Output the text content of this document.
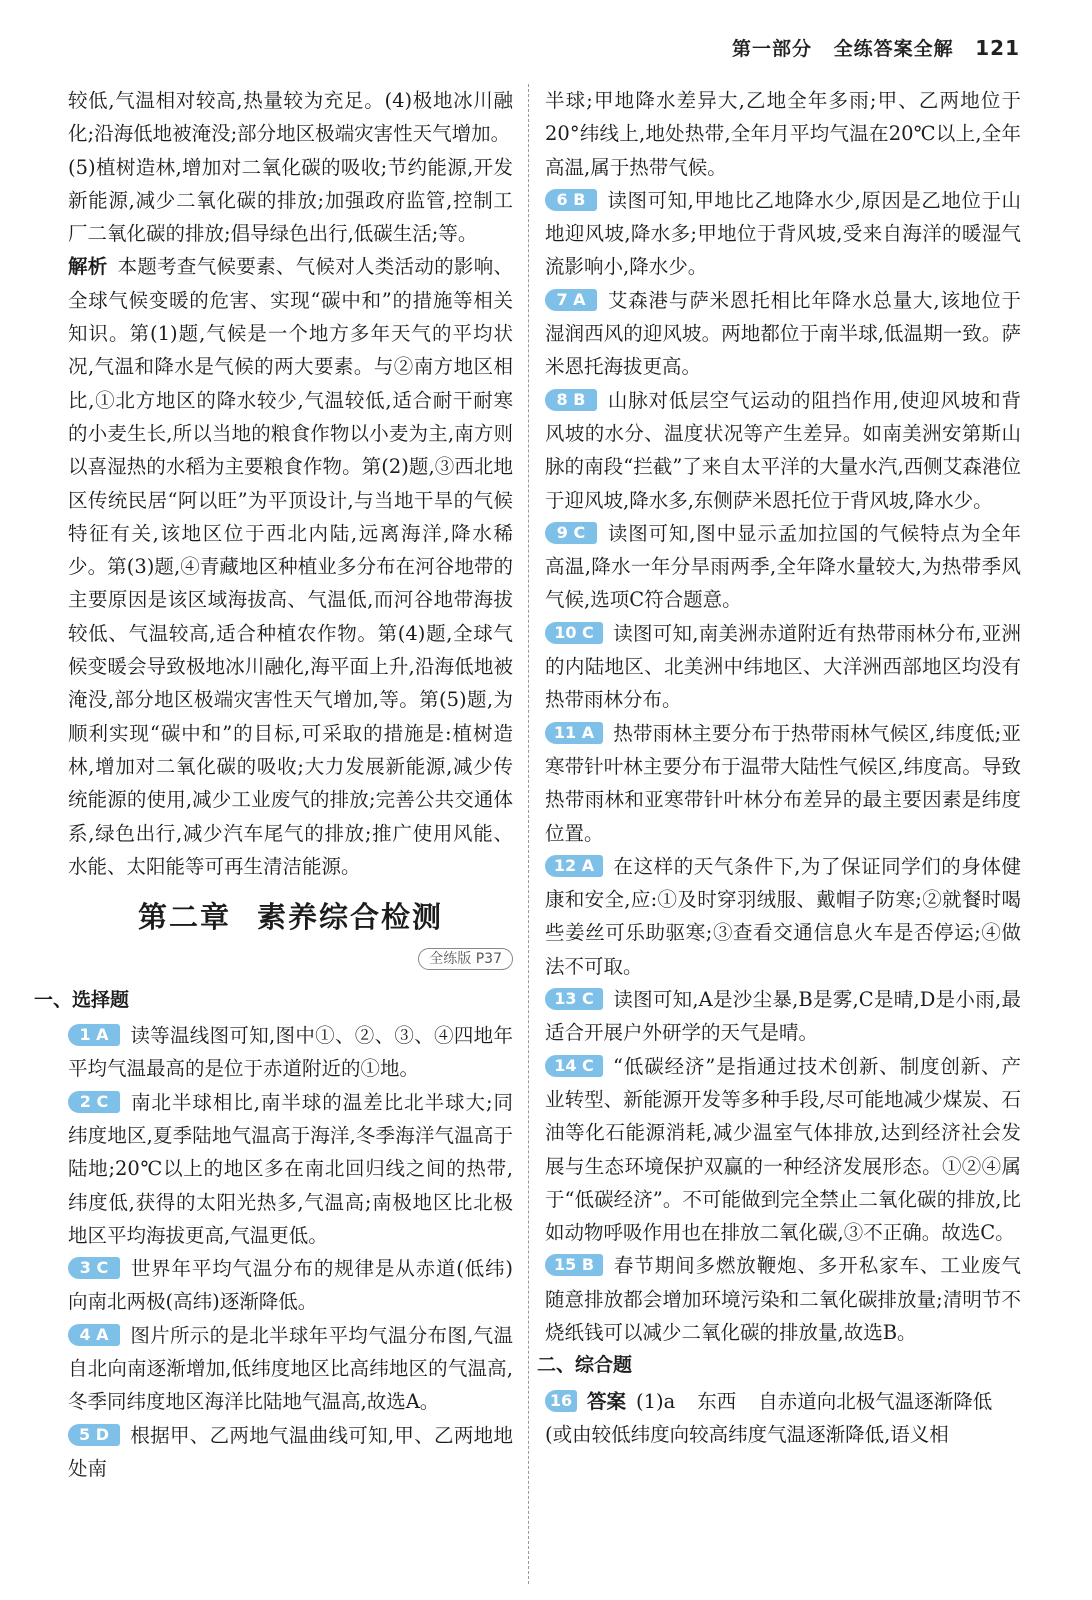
第一部分 全练答案全解 121

较低,气温相对较高,热量较为充足。(4)极地冰川融化;沿海低地被淹没;部分地区极端灾害性天气增加。

(5)植树造林,增加对二氧化碳的吸收;节约能源,开发新能源,减少二氧化碳的排放;加强政府监管,控制工厂二氧化碳的排放;倡导绿色出行,低碳生活;等。

解析 本题考查气候要素、气候对人类活动的影响、全球气候变暖的危害、实现“碳中和”的措施等相关知识。第(1)题,气候是一个地方多年天气的平均状况,气温和降水是气候的两大要素。与②南方地区相比,①北方地区的降水较少,气温较低,适合耐干耐寒的小麦生长,所以当地的粮食作物以小麦为主,南方则以喜湿热的水稻为主要粮食作物。第(2)题,③西北地区传统民居“阿以旺”为平顶设计,与当地干旱的气候特征有关,该地区位于西北内陆,远离海洋,降水稀少。第(3)题,④青藏地区种植业多分布在河谷地带的主要原因是该区域海拔高、气温低,而河谷地带海拔较低、气温较高,适合种植农作物。第(4)题,全球气候变暖会导致极地冰川融化,海平面上升,沿海低地被淹没,部分地区极端灾害性天气增加,等。第(5)题,为顺利实现“碳中和”的目标,可采取的措施是:植树造林,增加对二氧化碳的吸收;大力发展新能源,减少传统能源的使用,减少工业废气的排放;完善公共交通体系,绿色出行,减少汽车尾气的排放;推广使用风能、水能、太阳能等可再生清洁能源。

第二章 素养综合检测
全练版 P37
一、选择题

1 A 读等温线图可知,图中①、②、③、④四地年平均气温最高的是位于赤道附近的①地。

2 C 南北半球相比,南半球的温差比北半球大;同纬度地区,夏季陆地气温高于海洋,冬季海洋气温高于陆地;20℃以上的地区多在南北回归线之间的热带,纬度低,获得的太阳光热多,气温高;南极地区比北极地区平均海拔更高,气温更低。

3 C 世界年平均气温分布的规律是从赤道(低纬)向南北两极(高纬)逐渐降低。

4 A 图片所示的是北半球年平均气温分布图,气温自北向南逐渐增加,低纬度地区比高纬地区的气温高,冬季同纬度地区海洋比陆地气温高,故选A。

5 D 根据甲、乙两地气温曲线可知,甲、乙两地地处南

半球;甲地降水差异大,乙地全年多雨;甲、乙两地位于20°纬线上,地处热带,全年月平均气温在20℃以上,全年高温,属于热带气候。

6 B 读图可知,甲地比乙地降水少,原因是乙地位于山地迎风坡,降水多;甲地位于背风坡,受来自海洋的暖湿气流影响小,降水少。

7 A 艾森港与萨米恩托相比年降水总量大,该地位于湿润西风的迎风坡。两地都位于南半球,低温期一致。萨米恩托海拔更高。

8 B 山脉对低层空气运动的阻挡作用,使迎风坡和背风坡的水分、温度状况等产生差异。如南美洲安第斯山脉的南段“拦截”了来自太平洋的大量水汽,西侧艾森港位于迎风坡,降水多,东侧萨米恩托位于背风坡,降水少。

9 C 读图可知,图中显示孟加拉国的气候特点为全年高温,降水一年分旱雨两季,全年降水量较大,为热带季风气候,选项C符合题意。

10 C 读图可知,南美洲赤道附近有热带雨林分布,亚洲的内陆地区、北美洲中纬地区、大洋洲西部地区均没有热带雨林分布。

11 A 热带雨林主要分布于热带雨林气候区,纬度低;亚寒带针叶林主要分布于温带大陆性气候区,纬度高。导致热带雨林和亚寒带针叶林分布差异的最主要因素是纬度位置。

12 A 在这样的天气条件下,为了保证同学们的身体健康和安全,应:①及时穿羽绒服、戴帽子防寒;②就餐时喝些姜丝可乐助驱寒;③查看交通信息火车是否停运;④做法不可取。

13 C 读图可知,A是沙尘暴,B是雾,C是晴,D是小雨,最适合开展户外研学的天气是晴。

14 C “低碳经济”是指通过技术创新、制度创新、产业转型、新能源开发等多种手段,尽可能地减少煤炭、石油等化石能源消耗,减少温室气体排放,达到经济社会发展与生态环境保护双赢的一种经济发展形态。①②④属于“低碳经济”。不可能做到完全禁止二氧化碳的排放,比如动物呼吸作用也在排放二氧化碳,③不正确。故选C。

15 B 春节期间多燃放鞭炮、多开私家车、工业废气随意排放都会增加环境污染和二氧化碳排放量;清明节不烧纸钱可以减少二氧化碳的排放量,故选B。

二、综合题

16 答案 (1)a 东西 自赤道向北极气温逐渐降低

(或由较低纬度向较高纬度气温逐渐降低,语义相
